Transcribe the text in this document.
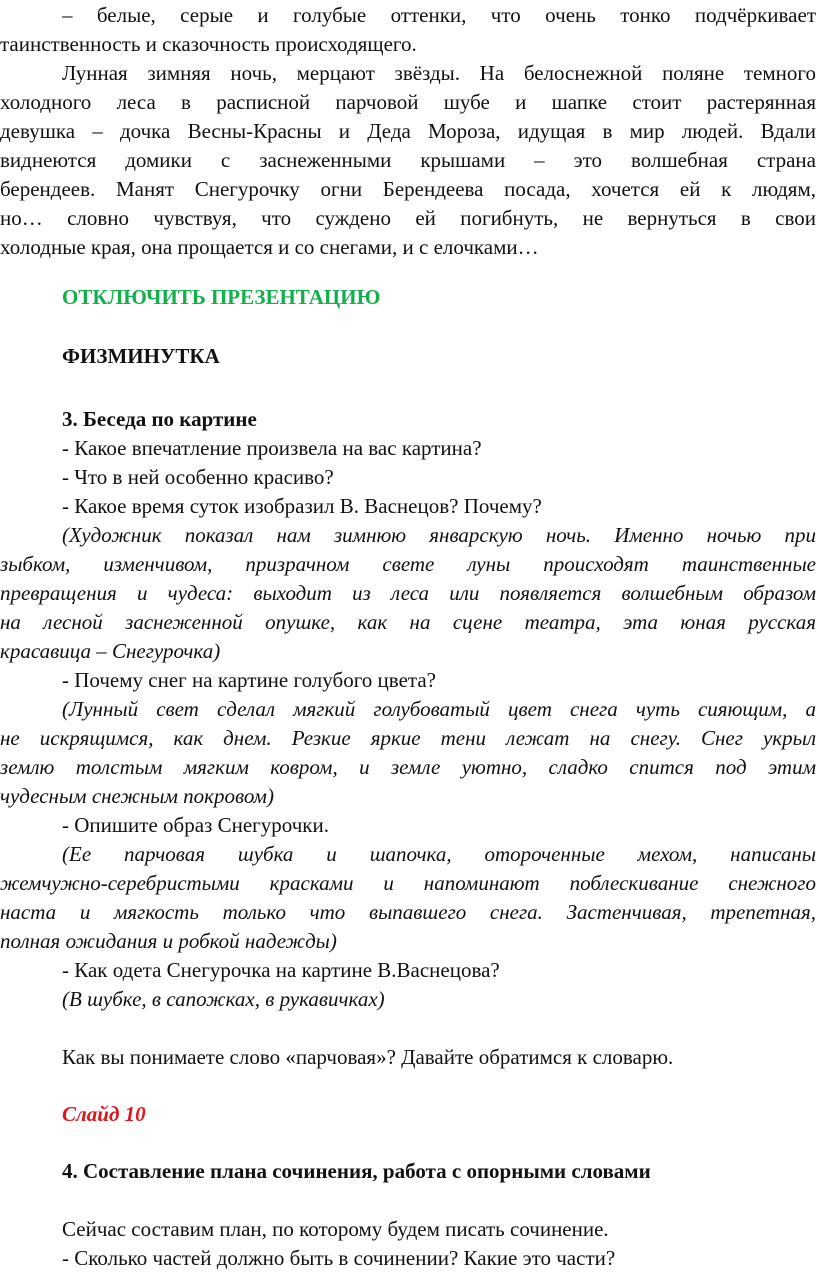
– белые, серые и голубые оттенки, что очень тонко подчёркивает
таинственность и сказочность происходящего.
Лунная зимняя ночь, мерцают звёзды. На белоснежной поляне темного
холодного леса в расписной парчовой шубе и шапке стоит растерянная
девушка – дочка Весны-Красны и Деда Мороза, идущая в мир людей. Вдали
виднеются домики с заснеженными крышами – это волшебная страна
берендеев. Манят Снегурочку огни Берендеева посада, хочется ей к людям,
но… словно чувствуя, что суждено ей погибнуть, не вернуться в свои
холодные края, она прощается и со снегами, и с елочками…
ОТКЛЮЧИТЬ ПРЕЗЕНТАЦИЮ
ФИЗМИНУТКА
3. Беседа по картине
- Какое впечатление произвела на вас картина?
- Что в ней особенно красиво?
- Какое время суток изобразил В. Васнецов? Почему?
(Художник показал нам зимнюю январскую ночь. Именно ночью при
зыбком, изменчивом, призрачном свете луны происходят таинственные
превращения и чудеса: выходит из леса или появляется волшебным образом
на лесной заснеженной опушке, как на сцене театра, эта юная русская
красавица – Снегурочка)
- Почему снег на картине голубого цвета?
(Лунный свет сделал мягкий голубоватый цвет снега чуть сияющим, а
не искрящимся, как днем. Резкие яркие тени лежат на снегу. Снег укрыл
землю толстым мягким ковром, и земле уютно, сладко спится под этим
чудесным снежным покровом)
- Опишите образ Снегурочки.
(Ее парчовая шубка и шапочка, отороченные мехом, написаны
жемчужно-серебристыми красками и напоминают поблескивание снежного
наста и мягкость только что выпавшего снега. Застенчивая, трепетная,
полная ожидания и робкой надежды)
- Как одета Снегурочка на картине В.Васнецова?
(В шубке, в сапожках, в рукавичках)
Как вы понимаете слово «парчовая»? Давайте обратимся к словарю.
Слайд 10
4. Составление плана сочинения, работа с опорными словами
Сейчас составим план, по которому будем писать сочинение.
- Сколько частей должно быть в сочинении? Какие это части?
